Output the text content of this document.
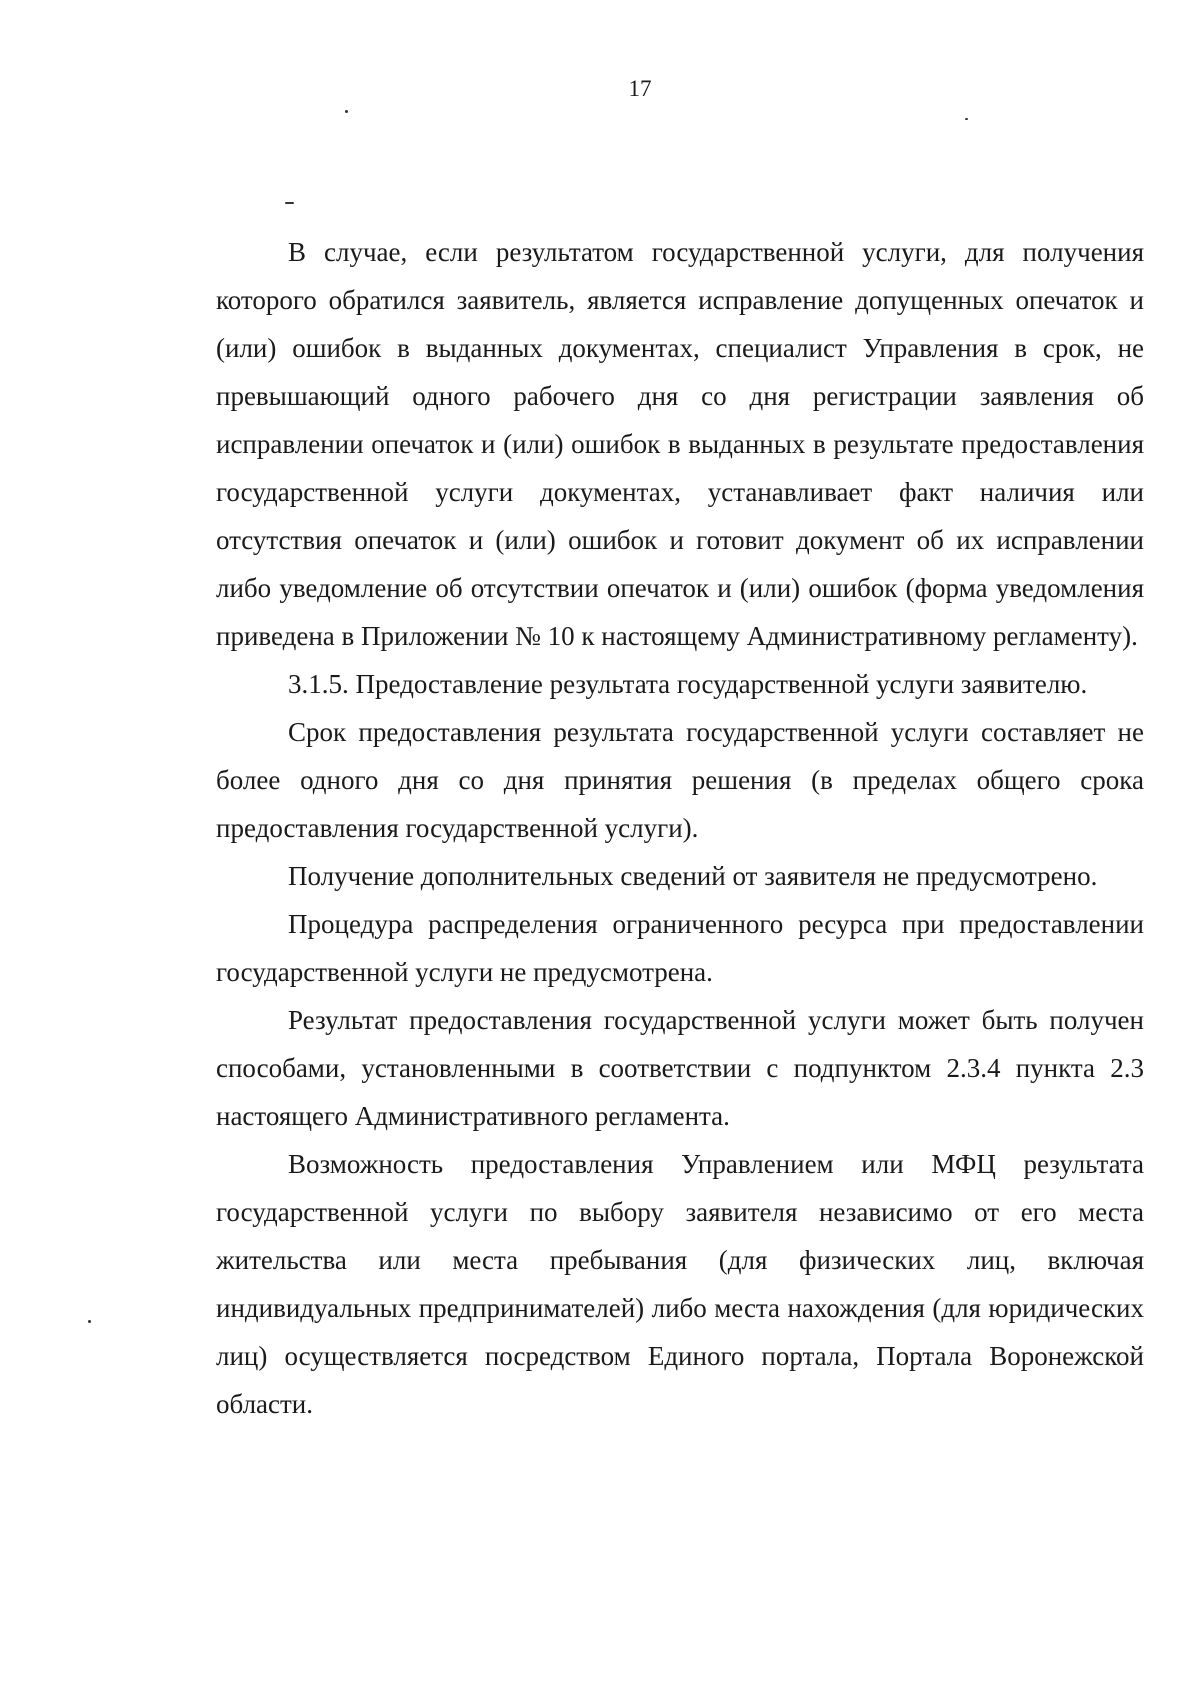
17

В случае, если результатом государственной услуги, для получения которого обратился заявитель, является исправление допущенных опечаток и (или) ошибок в выданных документах, специалист Управления в срок, не превышающий одного рабочего дня со дня регистрации заявления об исправлении опечаток и (или) ошибок в выданных в результате предоставления государственной услуги документах, устанавливает факт наличия или отсутствия опечаток и (или) ошибок и готовит документ об их исправлении либо уведомление об отсутствии опечаток и (или) ошибок (форма уведомления приведена в Приложении № 10 к настоящему Административному регламенту).

3.1.5. Предоставление результата государственной услуги заявителю.

Срок предоставления результата государственной услуги составляет не более одного дня со дня принятия решения (в пределах общего срока предоставления государственной услуги).

Получение дополнительных сведений от заявителя не предусмотрено.

Процедура распределения ограниченного ресурса при предоставлении государственной услуги не предусмотрена.

Результат предоставления государственной услуги может быть получен способами, установленными в соответствии с подпунктом 2.3.4 пункта 2.3 настоящего Административного регламента.

Возможность предоставления Управлением или МФЦ результата государственной услуги по выбору заявителя независимо от его места жительства или места пребывания (для физических лиц, включая индивидуальных предпринимателей) либо места нахождения (для юридических лиц) осуществляется посредством Единого портала, Портала Воронежской области.
